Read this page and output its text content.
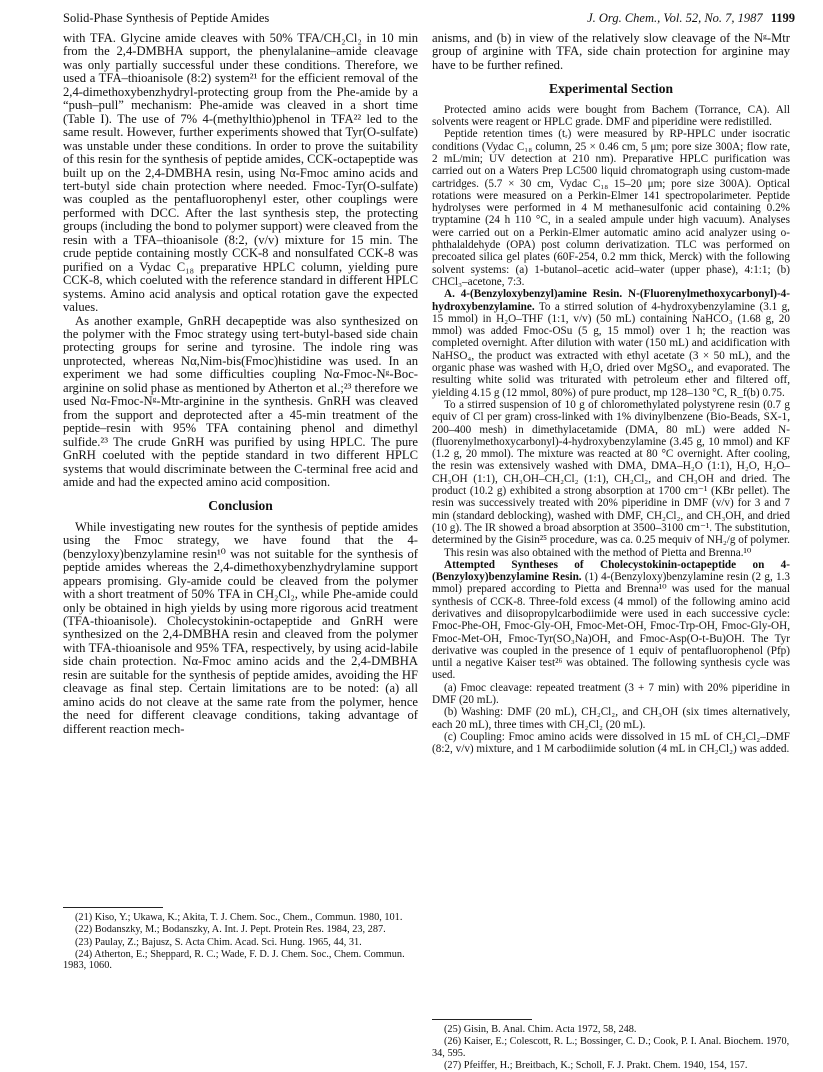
Solid-Phase Synthesis of Peptide Amides	J. Org. Chem., Vol. 52, No. 7, 1987 1199

with TFA. Glycine amide cleaves with 50% TFA/CH₂Cl₂ in 10 min from the 2,4-DMBHA support, the phenylalanine–amide cleavage was only partially successful under these conditions. Therefore, we used a TFA–thioanisole (8:2) system²¹ for the efficient removal of the 2,4-dimethoxybenzhydryl-protecting group from the Phe-amide by a “push–pull” mechanism: Phe-amide was cleaved in a short time (Table I). The use of 7% 4-(methylthio)phenol in TFA²² led to the same result. However, further experiments showed that Tyr(O-sulfate) was unstable under these conditions. In order to prove the suitability of this resin for the synthesis of peptide amides, CCK-octapeptide was built up on the 2,4-DMBHA resin, using Nα-Fmoc amino acids and tert-butyl side chain protection where needed. Fmoc-Tyr(O-sulfate) was coupled as the pentafluorophenyl ester, other couplings were performed with DCC. After the last synthesis step, the protecting groups (including the bond to polymer support) were cleaved from the resin with a TFA–thioanisole (8:2, (v/v) mixture for 15 min. The crude peptide containing mostly CCK-8 and nonsulfated CCK-8 was purified on a Vydac C₁₈ preparative HPLC column, yielding pure CCK-8, which coeluted with the reference standard in different HPLC systems. Amino acid analysis and optical rotation gave the expected values.

As another example, GnRH decapeptide was also synthesized on the polymer with the Fmoc strategy using tert-butyl-based side chain protecting groups for serine and tyrosine. The indole ring was unprotected, whereas Nα,Nim-bis(Fmoc)histidine was used. In an experiment we had some difficulties coupling Nα-Fmoc-Nᵍ-Boc-arginine on solid phase as mentioned by Atherton et al.;²³ therefore we used Nα-Fmoc-Nᵍ-Mtr-arginine in the synthesis. GnRH was cleaved from the support and deprotected after a 45-min treatment of the peptide–resin with 95% TFA containing phenol and dimethyl sulfide.²³ The crude GnRH was purified by using HPLC. The pure GnRH coeluted with the peptide standard in two different HPLC systems that would discriminate between the C-terminal free acid and amide and had the expected amino acid composition.

Conclusion

While investigating new routes for the synthesis of peptide amides using the Fmoc strategy, we have found that the 4-(benzyloxy)benzylamine resin¹⁰ was not suitable for the synthesis of peptide amides whereas the 2,4-dimethoxybenzhydrylamine support appears promising. Gly-amide could be cleaved from the polymer with a short treatment of 50% TFA in CH₂Cl₂, while Phe-amide could only be obtained in high yields by using more rigorous acid treatment (TFA-thioanisole). Cholecystokinin-octapeptide and GnRH were synthesized on the 2,4-DMBHA resin and cleaved from the polymer with TFA-thioanisole and 95% TFA, respectively, by using acid-labile side chain protection. Nα-Fmoc amino acids and the 2,4-DMBHA resin are suitable for the synthesis of peptide amides, avoiding the HF cleavage as final step. Certain limitations are to be noted: (a) all amino acids do not cleave at the same rate from the polymer, hence the need for different cleavage conditions, taking advantage of different reaction mech-

(21) Kiso, Y.; Ukawa, K.; Akita, T. J. Chem. Soc., Chem., Commun. 1980, 101.
(22) Bodanszky, M.; Bodanszky, A. Int. J. Pept. Protein Res. 1984, 23, 287.
(23) Paulay, Z.; Bajusz, S. Acta Chim. Acad. Sci. Hung. 1965, 44, 31.
(24) Atherton, E.; Sheppard, R. C.; Wade, F. D. J. Chem. Soc., Chem. Commun. 1983, 1060.

anisms, and (b) in view of the relatively slow cleavage of the Nᵍ-Mtr group of arginine with TFA, side chain protection for arginine may have to be further refined.

Experimental Section

Protected amino acids were bought from Bachem (Torrance, CA). All solvents were reagent or HPLC grade. DMF and piperidine were redistilled.

Peptide retention times (tᵣ) were measured by RP-HPLC under isocratic conditions (Vydac C₁₈ column, 25 × 0.46 cm, 5 μm; pore size 300A; flow rate, 2 mL/min; UV detection at 210 nm). Preparative HPLC purification was carried out on a Waters Prep LC500 liquid chromatograph using custom-made cartridges. (5.7 × 30 cm, Vydac C₁₈ 15–20 μm; pore size 300A). Optical rotations were measured on a Perkin-Elmer 141 spectropolarimeter. Peptide hydrolyses were performed in 4 M methanesulfonic acid containing 0.2% tryptamine (24 h 110 °C, in a sealed ampule under high vacuum). Analyses were carried out on a Perkin-Elmer automatic amino acid analyzer using o-phthalaldehyde (OPA) post column derivatization. TLC was performed on precoated silica gel plates (60F-254, 0.2 mm thick, Merck) with the following solvent systems: (a) 1-butanol–acetic acid–water (upper phase), 4:1:1; (b) CHCl₃–acetone, 7:3.

A. 4-(Benzyloxybenzyl)amine Resin. N-(Fluorenylmethoxycarbonyl)-4-hydroxybenzylamine. To a stirred solution of 4-hydroxybenzylamine (3.1 g, 15 mmol) in H₂O–THF (1:1, v/v) (50 mL) containing NaHCO₃ (1.68 g, 20 mmol) was added Fmoc-OSu (5 g, 15 mmol) over 1 h; the reaction was completed overnight. After dilution with water (150 mL) and acidification with NaHSO₄, the product was extracted with ethyl acetate (3 × 50 mL), and the organic phase was washed with H₂O, dried over MgSO₄, and evaporated. The resulting white solid was triturated with petroleum ether and filtered off, yielding 4.15 g (12 mmol, 80%) of pure product, mp 128–130 °C, R_f(b) 0.75.

To a stirred suspension of 10 g of chloromethylated polystyrene resin (0.7 g equiv of Cl per gram) cross-linked with 1% divinylbenzene (Bio-Beads, SX-1, 200–400 mesh) in dimethylacetamide (DMA, 80 mL) were added N-(fluorenylmethoxycarbonyl)-4-hydroxybenzylamine (3.45 g, 10 mmol) and KF (1.2 g, 20 mmol). The mixture was reacted at 80 °C overnight. After cooling, the resin was extensively washed with DMA, DMA–H₂O (1:1), H₂O, H₂O–CH₃OH (1:1), CH₃OH–CH₂Cl₂ (1:1), CH₂Cl₂, and CH₃OH and dried. The product (10.2 g) exhibited a strong absorption at 1700 cm⁻¹ (KBr pellet). The resin was successively treated with 20% piperidine in DMF (v/v) for 3 and 7 min (standard deblocking), washed with DMF, CH₂Cl₂, and CH₃OH, and dried (10 g). The IR showed a broad absorption at 3500–3100 cm⁻¹. The substitution, determined by the Gisin²⁵ procedure, was ca. 0.25 mequiv of NH₂/g of polymer.

This resin was also obtained with the method of Pietta and Brenna.¹⁰

Attempted Syntheses of Cholecystokinin-octapeptide on 4-(Benzyloxy)benzylamine Resin. (1) 4-(Benzyloxy)benzylamine resin (2 g, 1.3 mmol) prepared according to Pietta and Brenna¹⁰ was used for the manual synthesis of CCK-8. Three-fold excess (4 mmol) of the following amino acid derivatives and diisopropylcarbodiimide were used in each successive cycle: Fmoc-Phe-OH, Fmoc-Gly-OH, Fmoc-Met-OH, Fmoc-Trp-OH, Fmoc-Gly-OH, Fmoc-Met-OH, Fmoc-Tyr(SO₃Na)OH, and Fmoc-Asp(O-t-Bu)OH. The Tyr derivative was coupled in the presence of 1 equiv of pentafluorophenol (Pfp) until a negative Kaiser test²⁶ was obtained. The following synthesis cycle was used.

(a) Fmoc cleavage: repeated treatment (3 + 7 min) with 20% piperidine in DMF (20 mL).

(b) Washing: DMF (20 mL), CH₂Cl₂, and CH₃OH (six times alternatively, each 20 mL), three times with CH₂Cl₂ (20 mL).

(c) Coupling: Fmoc amino acids were dissolved in 15 mL of CH₂Cl₂–DMF (8:2, v/v) mixture, and 1 M carbodiimide solution (4 mL in CH₂Cl₂) was added.

(25) Gisin, B. Anal. Chim. Acta 1972, 58, 248.
(26) Kaiser, E.; Colescott, R. L.; Bossinger, C. D.; Cook, P. I. Anal. Biochem. 1970, 34, 595.
(27) Pfeiffer, H.; Breitbach, K.; Scholl, F. J. Prakt. Chem. 1940, 154, 157.
